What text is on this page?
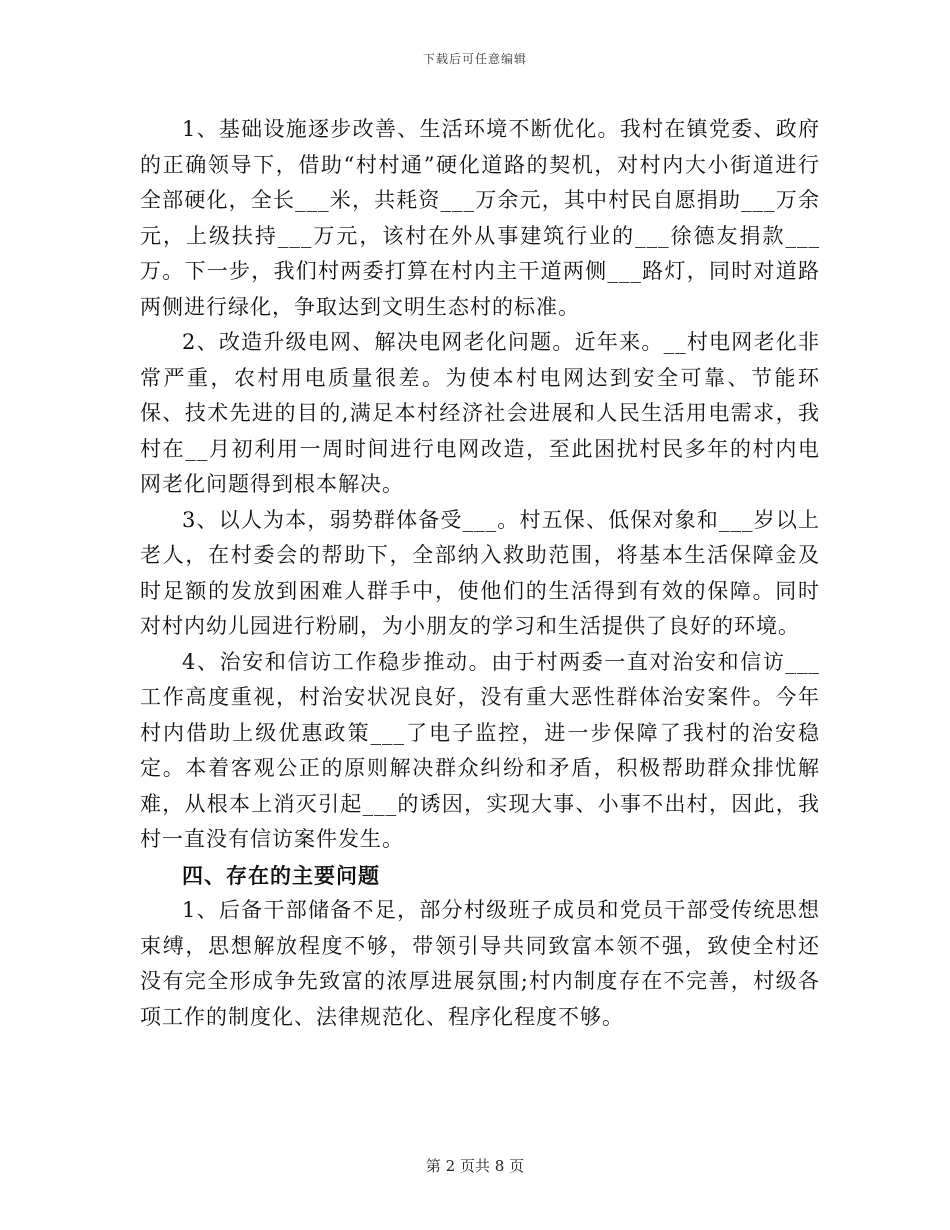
下载后可任意编辑

1、基础设施逐步改善、生活环境不断优化。我村在镇党委、政府的正确领导下，借助“村村通”硬化道路的契机，对村内大小街道进行全部硬化，全长___米，共耗资___万余元，其中村民自愿捐助___万余元，上级扶持___万元，该村在外从事建筑行业的___徐德友捐款___万。下一步，我们村两委打算在村内主干道两侧___路灯，同时对道路两侧进行绿化，争取达到文明生态村的标准。

2、改造升级电网、解决电网老化问题。近年来。__村电网老化非常严重，农村用电质量很差。为使本村电网达到安全可靠、节能环保、技术先进的目的,满足本村经济社会进展和人民生活用电需求，我村在__月初利用一周时间进行电网改造，至此困扰村民多年的村内电网老化问题得到根本解决。

3、以人为本，弱势群体备受___。村五保、低保对象和___岁以上老人，在村委会的帮助下，全部纳入救助范围，将基本生活保障金及时足额的发放到困难人群手中，使他们的生活得到有效的保障。同时对村内幼儿园进行粉刷，为小朋友的学习和生活提供了良好的环境。

4、治安和信访工作稳步推动。由于村两委一直对治安和信访___工作高度重视，村治安状况良好，没有重大恶性群体治安案件。今年村内借助上级优惠政策___了电子监控，进一步保障了我村的治安稳定。本着客观公正的原则解决群众纠纷和矛盾，积极帮助群众排忧解难，从根本上消灭引起___的诱因，实现大事、小事不出村，因此，我村一直没有信访案件发生。

四、存在的主要问题

1、后备干部储备不足，部分村级班子成员和党员干部受传统思想束缚，思想解放程度不够，带领引导共同致富本领不强，致使全村还没有完全形成争先致富的浓厚进展氛围;村内制度存在不完善，村级各项工作的制度化、法律规范化、程序化程度不够。

第 2 页共 8 页
